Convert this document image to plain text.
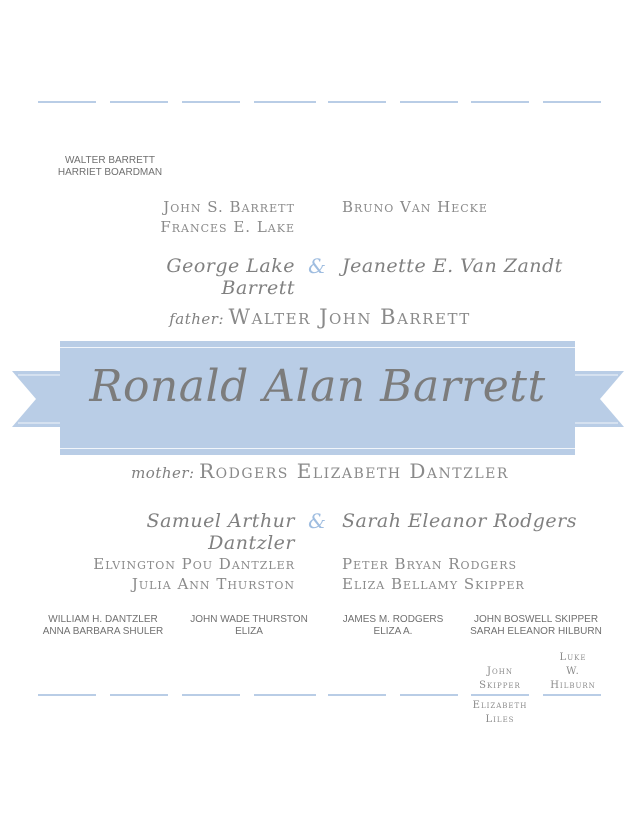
WALTER BARRETT
HARRIET BOARDMAN
John S. Barrett
Frances E. Lake
Bruno Van Hecke
George Lake Barrett
& Jeanette E. Van Zandt
father: Walter John Barrett
Ronald Alan Barrett
mother: Rodgers Elizabeth Dantzler
Samuel Arthur Dantzler
& Sarah Eleanor Rodgers
Elvington Pou Dantzler
Julia Ann Thurston
Peter Bryan Rodgers
Eliza Bellamy Skipper
WILLIAM H. DANTZLER
ANNA BARBARA SHULER
JOHN WADE THURSTON
ELIZA
JAMES M. RODGERS
ELIZA A.
JOHN BOSWELL SKIPPER
SARAH ELEANOR HILBURN
Luke
W.
Hilburn
John
Skipper
Elizabeth
Liles
